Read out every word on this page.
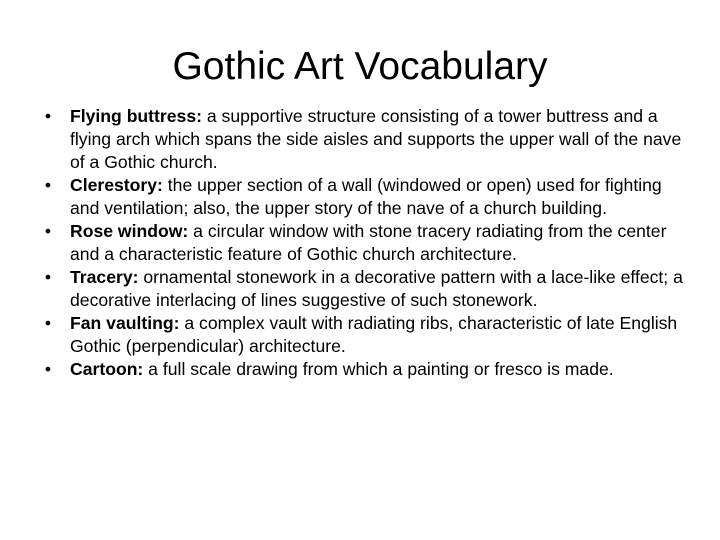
Gothic Art Vocabulary
• Flying buttress: a supportive structure consisting of a tower buttress and a flying arch which spans the side aisles and supports the upper wall of the nave of a Gothic church.
• Clerestory: the upper section of a wall (windowed or open) used for fighting and ventilation; also, the upper story of the nave of a church building.
• Rose window: a circular window with stone tracery radiating from the center and a characteristic feature of Gothic church architecture.
• Tracery: ornamental stonework in a decorative pattern with a lace-like effect; a decorative interlacing of lines suggestive of such stonework.
• Fan vaulting: a complex vault with radiating ribs, characteristic of late English Gothic (perpendicular) architecture.
• Cartoon: a full scale drawing from which a painting or fresco is made.
